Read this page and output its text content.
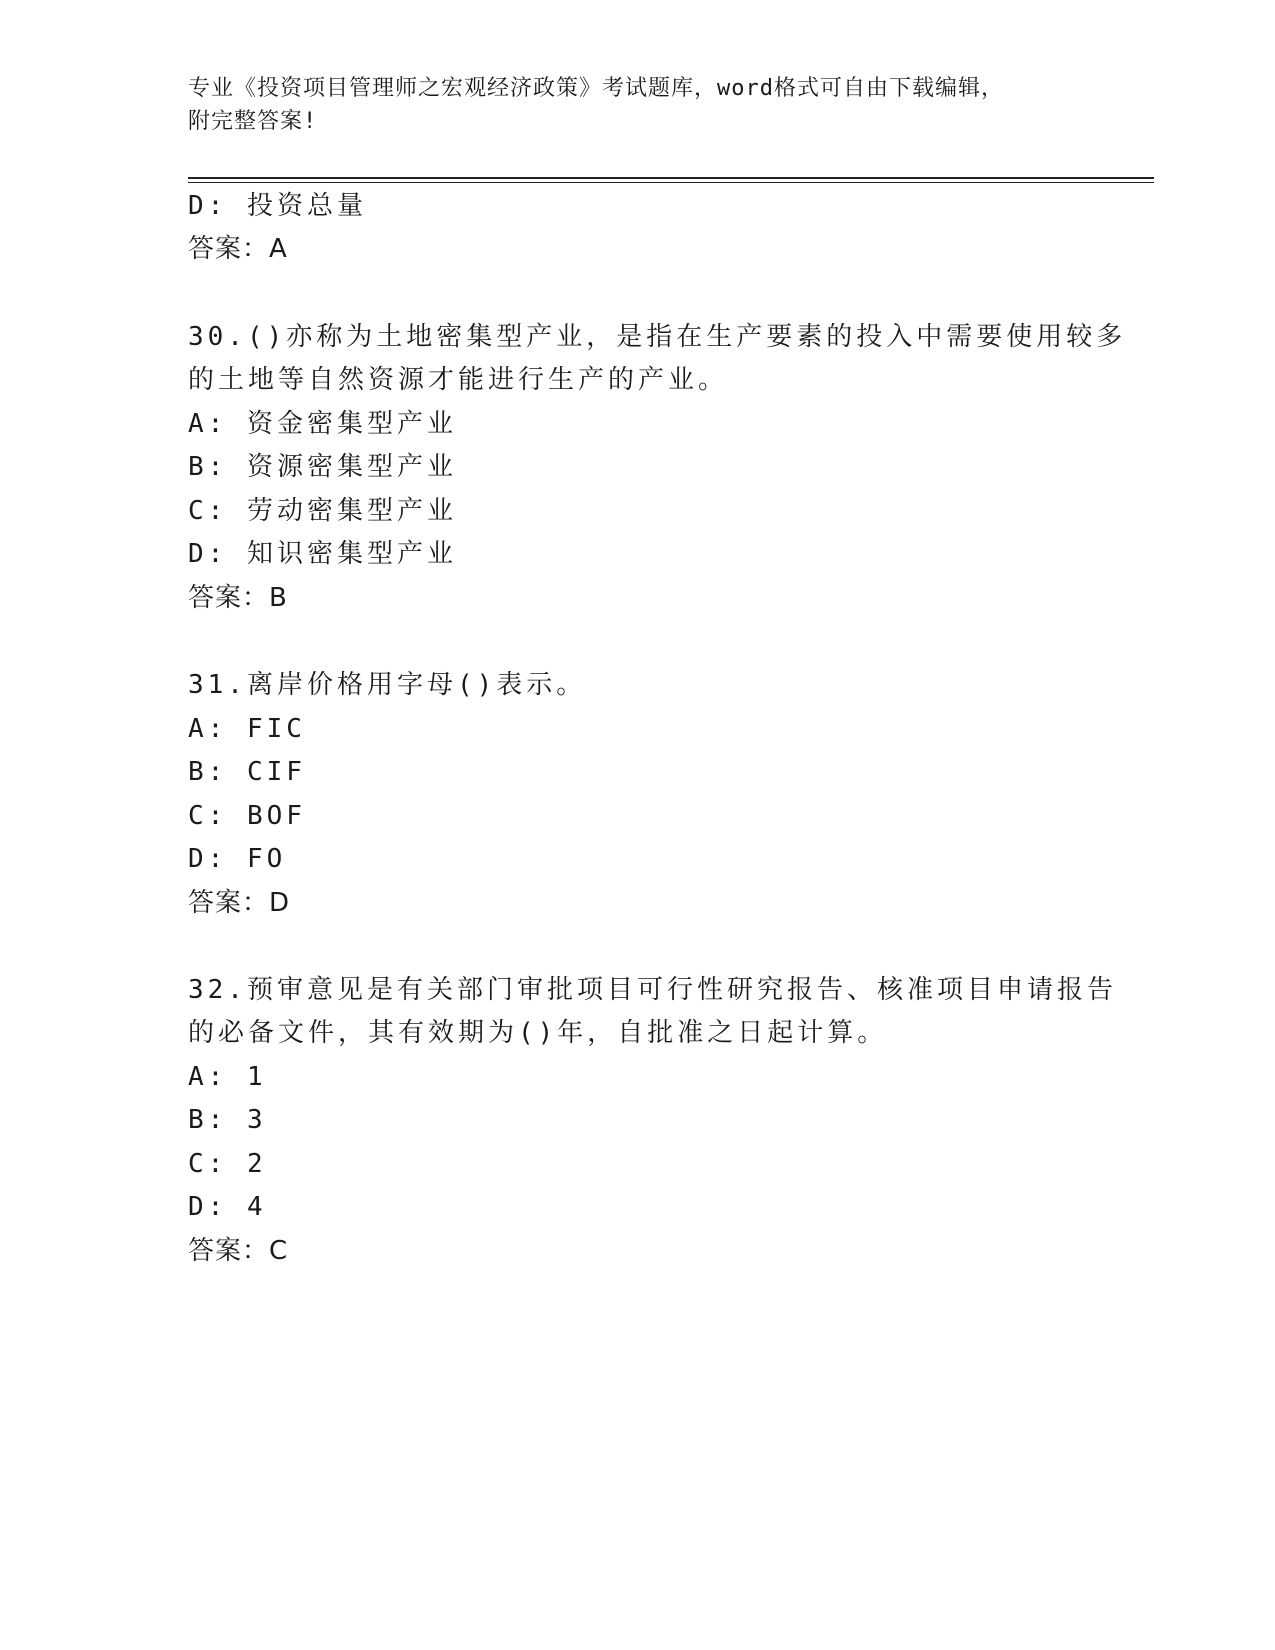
专业《投资项目管理师之宏观经济政策》考试题库，word格式可自由下载编辑，
附完整答案!
D: 投资总量
答案：A
30.()亦称为土地密集型产业，是指在生产要素的投入中需要使用较多
的土地等自然资源才能进行生产的产业。
A: 资金密集型产业
B: 资源密集型产业
C: 劳动密集型产业
D: 知识密集型产业
答案：B
31.离岸价格用字母()表示。
A: FIC
B: CIF
C: BOF
D: FO
答案：D
32.预审意见是有关部门审批项目可行性研究报告、核准项目申请报告
的必备文件，其有效期为()年，自批准之日起计算。
A: 1
B: 3
C: 2
D: 4
答案：C
